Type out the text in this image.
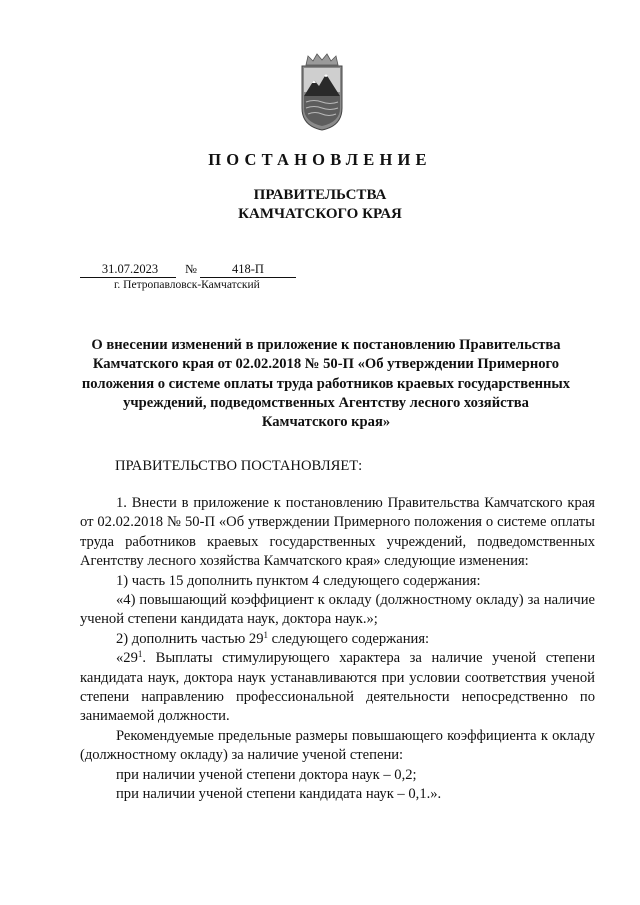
ПОСТАНОВЛЕНИЕ
ПРАВИТЕЛЬСТВА
КАМЧАТСКОГО КРАЯ
31.07.2023 №	418-П
г. Петропавловск-Камчатский
О внесении изменений в приложение к постановлению Правительства
Камчатского края от 02.02.2018 № 50-П «Об утверждении Примерного
положения о системе оплаты труда работников краевых государственных
учреждений, подведомственных Агентству лесного хозяйства
Камчатского края»
ПРАВИТЕЛЬСТВО ПОСТАНОВЛЯЕТ:

1. Внести в приложение к постановлению Правительства Камчатского края от 02.02.2018 № 50-П «Об утверждении Примерного положения о системе оплаты труда работников краевых государственных учреждений, подведомственных Агентству лесного хозяйства Камчатского края» следующие изменения:

1) часть 15 дополнить пунктом 4 следующего содержания:

«4) повышающий коэффициент к окладу (должностному окладу) за наличие ученой степени кандидата наук, доктора наук.»;

2) дополнить частью $29^1$ следующего содержания:

«$29^1$. Выплаты стимулирующего характера за наличие ученой степени кандидата наук, доктора наук устанавливаются при условии соответствия ученой степени направлению профессиональной деятельности непосредственно по занимаемой должности.

Рекомендуемые предельные размеры повышающего коэффициента к окладу (должностному окладу) за наличие ученой степени:

при наличии ученой степени доктора наук – 0,2;

при наличии ученой степени кандидата наук – 0,1.».
